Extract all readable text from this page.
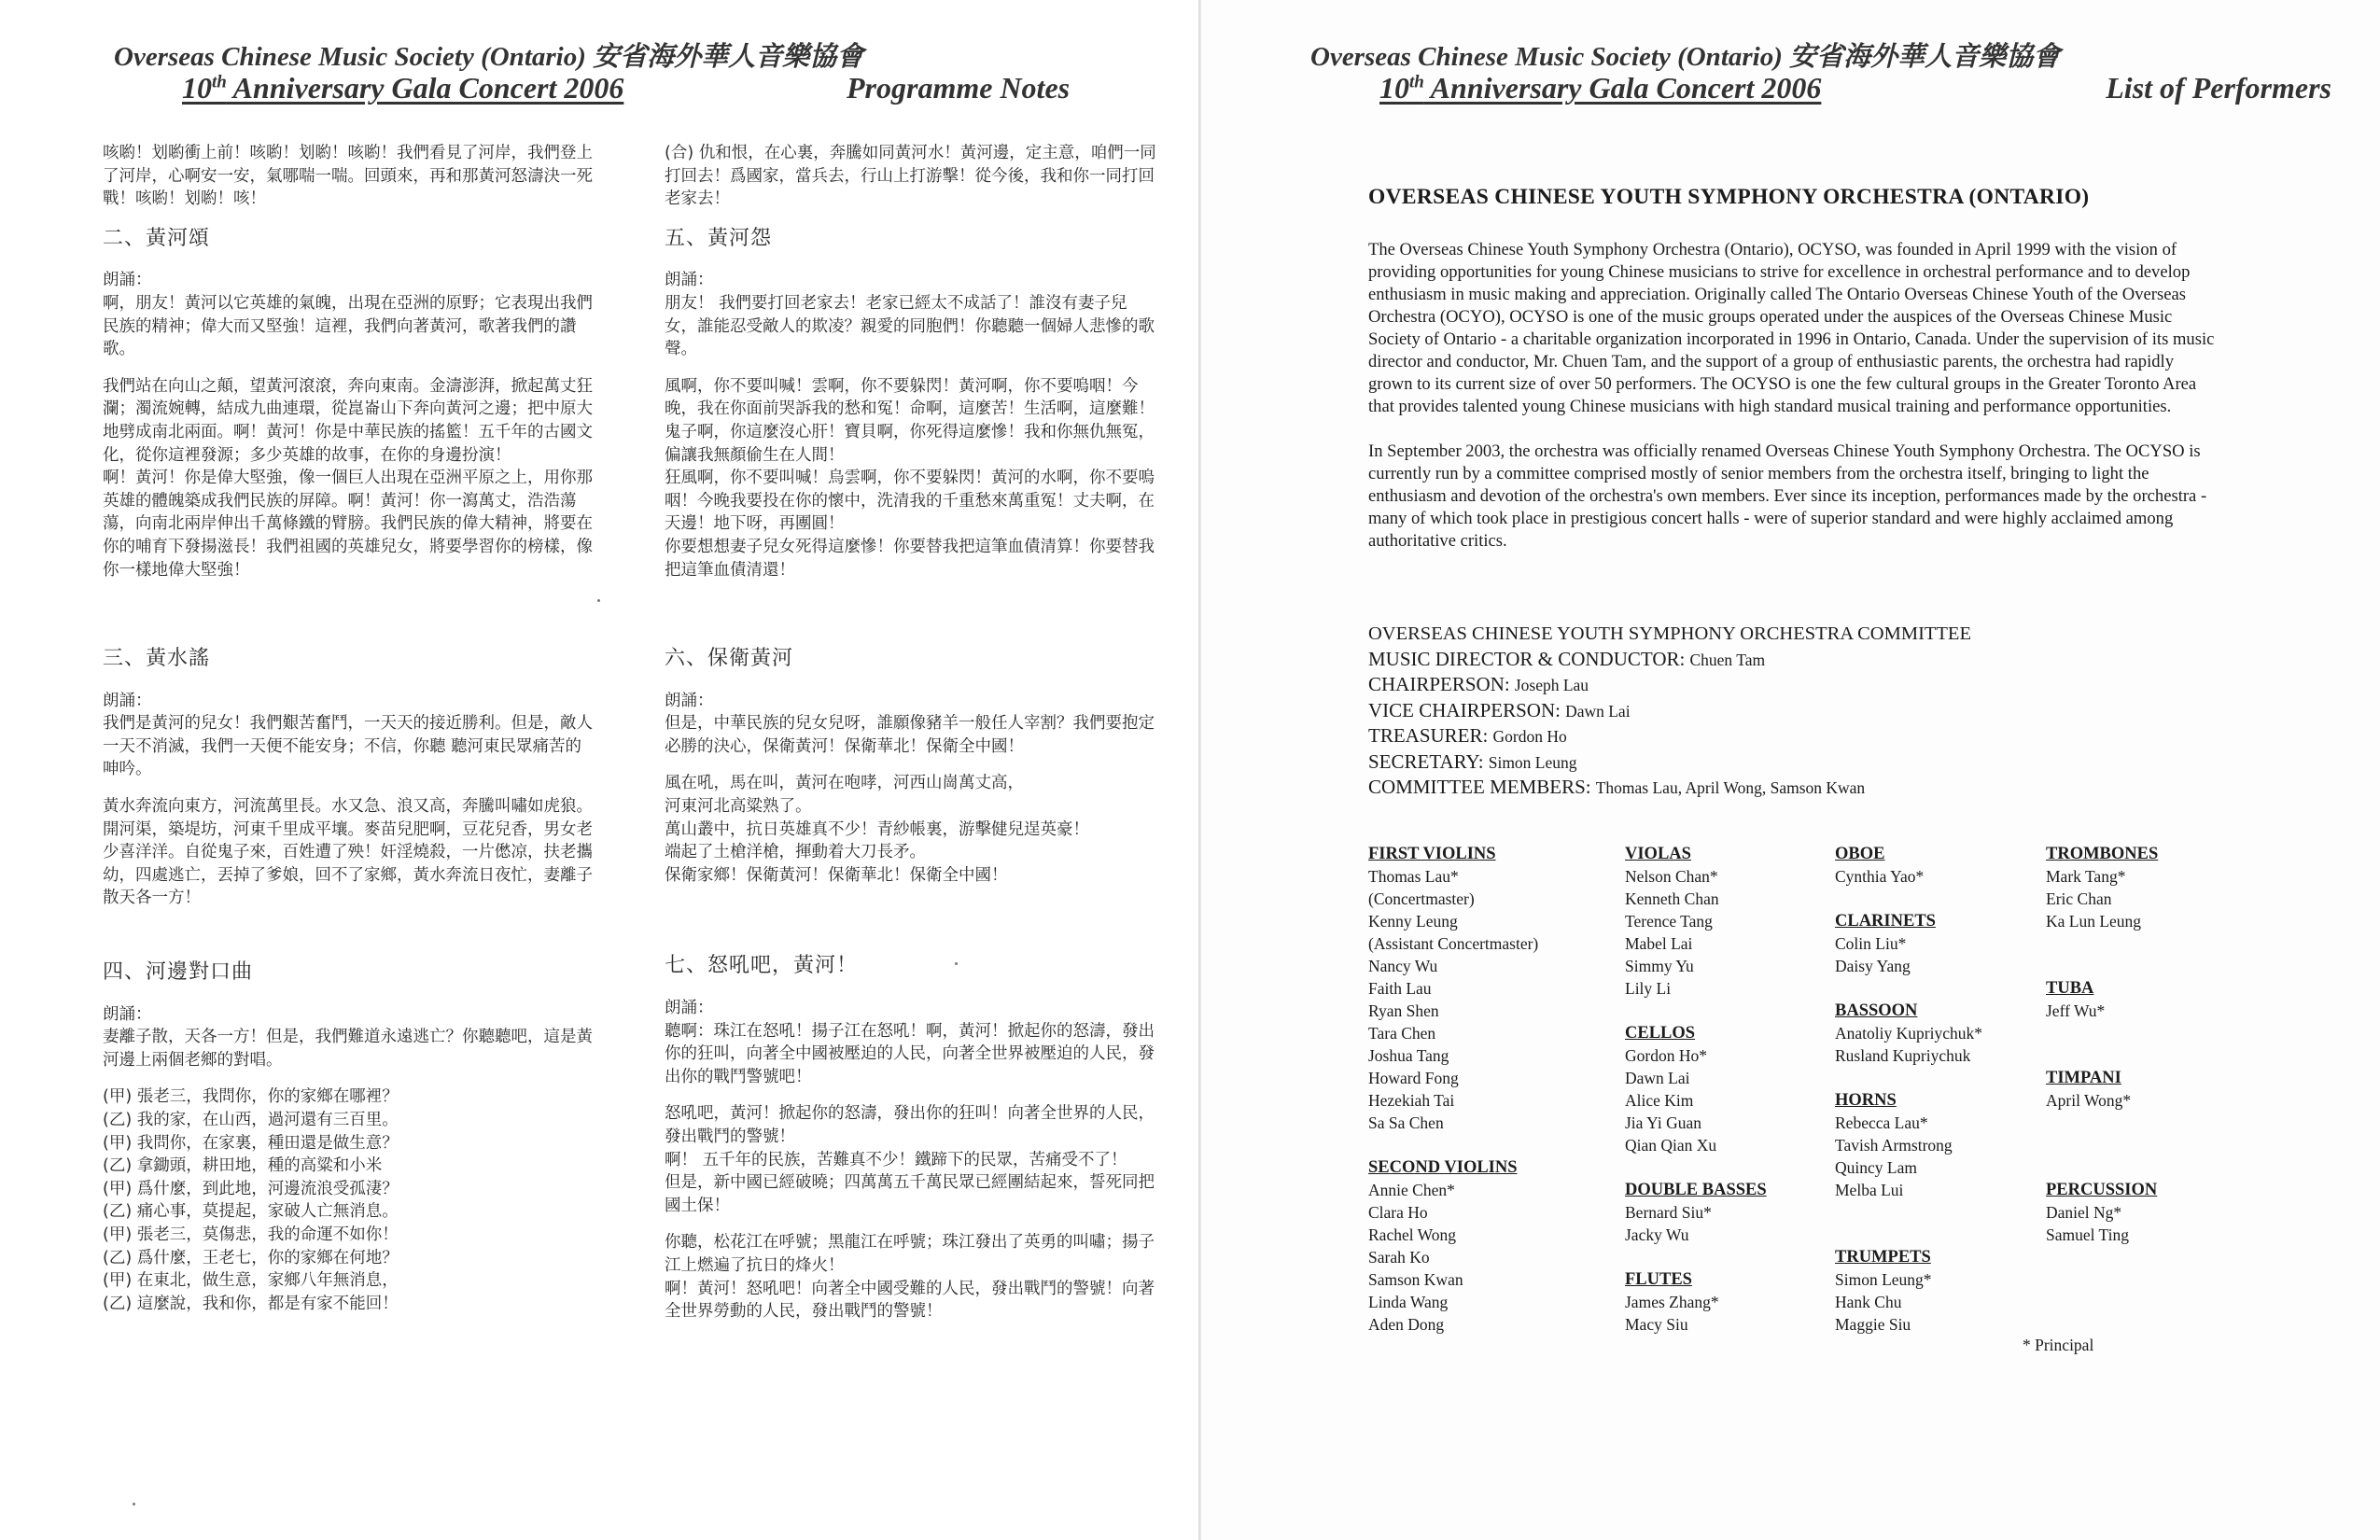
Overseas Chinese Music Society (Ontario) 安省海外華人音樂協會
10th Anniversary Gala Concert 2006	Programme Notes

咳喲！划喲衝上前！咳喲！划喲！咳喲！我們看見了河岸，我們登上了河岸，心啊安一安，氣哪喘一喘。回頭來，再和那黃河怒濤決一死戰！咳喲！划喲！咳！

二、黃河頌

朗誦：

啊，朋友！黃河以它英雄的氣魄，出現在亞洲的原野；它表現出我們民族的精神；偉大而又堅強！這裡，我們向著黃河，歌著我們的讚歌。

我們站在向山之顛，望黃河滾滾，奔向東南。金濤澎湃，掀起萬丈狂瀾；濁流婉轉，結成九曲連環，從崑崙山下奔向黃河之邊；把中原大地劈成南北兩面。啊！黃河！你是中華民族的搖籃！五千年的古國文化，從你這裡發源；多少英雄的故事，在你的身邊扮演！
啊！黃河！你是偉大堅強，像一個巨人出現在亞洲平原之上，用你那英雄的體魄築成我們民族的屏障。啊！黃河！你一瀉萬丈，浩浩蕩蕩，向南北兩岸伸出千萬條鐵的臂膀。我們民族的偉大精神，將要在你的哺育下發揚滋長！我們祖國的英雄兒女，將要學習你的榜樣，像你一樣地偉大堅強！

三、黃水謠

朗誦：

我們是黃河的兒女！我們艱苦奮鬥，一天天的接近勝利。但是，敵人一天不消滅，我們一天便不能安身；不信，你聽 聽河東民眾痛苦的呻吟。

黃水奔流向東方，河流萬里長。水又急、浪又高，奔騰叫嘯如虎狼。開河渠，築堤坊，河東千里成平壤。麥苗兒肥啊，豆花兒香，男女老少喜洋洋。自從鬼子來，百姓遭了殃！奸淫燒殺，一片僽凉，扶老攜幼，四處逃亡，丟掉了爹娘，回不了家鄉，黃水奔流日夜忙，妻離子散天各一方！

四、河邊對口曲

朗誦：

妻離子散，天各一方！但是，我們難道永遠逃亡？你聽聽吧，這是黃河邊上兩個老鄉的對唱。

(甲) 張老三，我問你，你的家鄉在哪裡？
(乙) 我的家，在山西，過河還有三百里。
(甲) 我問你，在家裏，種田還是做生意？
(乙) 拿鋤頭，耕田地，種的高粱和小米
(甲) 爲什麼，到此地，河邊流浪受孤淒？
(乙) 痛心事，莫提起，家破人亡無消息。
(甲) 張老三，莫傷悲，我的命運不如你！
(乙) 爲什麼，王老七，你的家鄉在何地？
(甲) 在東北，做生意，家鄉八年無消息，
(乙) 這麼說，我和你，都是有家不能回！

(合) 仇和恨，在心裏，奔騰如同黃河水！黃河邊，定主意，咱們一同打回去！爲國家，當兵去，行山上打游擊！從今後，我和你一同打回老家去！

五、黃河怨

朗誦：

朋友！ 我們要打回老家去！老家已經太不成話了！誰沒有妻子兒女，誰能忍受敵人的欺凌？親愛的同胞們！你聽聽一個婦人悲慘的歌聲。

風啊，你不要叫喊！雲啊，你不要躲閃！黃河啊，你不要嗚咽！今晚，我在你面前哭訴我的愁和冤！命啊，這麼苦！生活啊，這麼難！鬼子啊，你這麼沒心肝！寶貝啊，你死得這麼慘！我和你無仇無冤，偏讓我無顏偷生在人間！
狂風啊，你不要叫喊！烏雲啊，你不要躲閃！黃河的水啊，你不要嗚咽！今晚我要投在你的懷中，洗清我的千重愁來萬重冤！丈夫啊，在天邊！地下呀，再團圓！
你要想想妻子兒女死得這麼慘！你要替我把這筆血債清算！你要替我把這筆血債清還！

六、保衛黃河

朗誦：

但是，中華民族的兒女兒呀，誰願像豬羊一般任人宰割？我們要抱定必勝的決心，保衛黃河！保衛華北！保衛全中國！

風在吼，馬在叫，黃河在咆哮，河西山崗萬丈高，
河東河北高粱熟了。
萬山叢中，抗日英雄真不少！青紗帳裏，游擊健兒逞英豪！
端起了土槍洋槍，揮動着大刀長矛。
保衛家鄉！保衛黃河！保衛華北！保衛全中國！

七、怒吼吧，黃河！

朗誦：

聽啊：珠江在怒吼！揚子江在怒吼！啊，黃河！掀起你的怒濤，發出你的狂叫，向著全中國被壓迫的人民，向著全世界被壓迫的人民，發出你的戰鬥警號吧！

怒吼吧，黃河！掀起你的怒濤，發出你的狂叫！向著全世界的人民，發出戰鬥的警號！
啊！ 五千年的民族，苦難真不少！鐵蹄下的民眾，苦痛受不了！
但是，新中國已經破曉；四萬萬五千萬民眾已經團結起來，誓死同把國土保！

你聽，松花江在呼號；黑龍江在呼號；珠江發出了英勇的叫嘯；揚子江上燃遍了抗日的烽火！
啊！黃河！怒吼吧！向著全中國受難的人民，發出戰鬥的警號！向著全世界勞動的人民，發出戰鬥的警號！

Overseas Chinese Music Society (Ontario) 安省海外華人音樂協會
10th Anniversary Gala Concert 2006	List of Performers
OVERSEAS CHINESE YOUTH SYMPHONY ORCHESTRA (ONTARIO)

The Overseas Chinese Youth Symphony Orchestra (Ontario), OCYSO, was founded in April 1999 with the vision of providing opportunities for young Chinese musicians to strive for excellence in orchestral performance and to develop enthusiasm in music making and appreciation. Originally called The Ontario Overseas Chinese Youth of the Overseas
Orchestra (OCYO), OCYSO is one of the music groups operated under the auspices of the Overseas Chinese Music Society of Ontario - a charitable organization incorporated in 1996 in Ontario, Canada. Under the supervision of its music director and conductor, Mr. Chuen Tam, and the support of a group of enthusiastic parents, the orchestra had rapidly grown to its current size of over 50 performers. The OCYSO is one the few cultural groups in the Greater Toronto Area that provides talented young Chinese musicians with high standard musical training and performance opportunities.

In September 2003, the orchestra was officially renamed Overseas Chinese Youth Symphony Orchestra. The OCYSO is currently run by a committee comprised mostly of senior members from the orchestra itself, bringing to light the enthusiasm and devotion of the orchestra's own members. Ever since its inception, performances made by the orchestra - many of which took place in prestigious concert halls - were of superior standard and were highly acclaimed among authoritative critics.

OVERSEAS CHINESE YOUTH SYMPHONY ORCHESTRA COMMITTEE
MUSIC DIRECTOR & CONDUCTOR: Chuen Tam
CHAIRPERSON: Joseph Lau
VICE CHAIRPERSON: Dawn Lai
TREASURER: Gordon Ho
SECRETARY: Simon Leung
COMMITTEE MEMBERS: Thomas Lau, April Wong, Samson Kwan
FIRST VIOLINS
Thomas Lau*
(Concertmaster)
Kenny Leung
(Assistant Concertmaster)
Nancy Wu
Faith Lau
Ryan Shen
Tara Chen
Joshua Tang
Howard Fong
Hezekiah Tai
Sa Sa Chen
SECOND VIOLINS
Annie Chen*
Clara Ho
Rachel Wong
Sarah Ko
Samson Kwan
Linda Wang
Aden Dong
VIOLAS
Nelson Chan*
Kenneth Chan
Terence Tang
Mabel Lai
Simmy Yu
Lily Li
CELLOS
Gordon Ho*
Dawn Lai
Alice Kim
Jia Yi Guan
Qian Qian Xu
DOUBLE BASSES
Bernard Siu*
Jacky Wu
FLUTES
James Zhang*
Macy Siu
OBOE
Cynthia Yao*
CLARINETS
Colin Liu*
Daisy Yang
BASSOON
Anatoliy Kupriychuk*
Rusland Kupriychuk
HORNS
Rebecca Lau*
Tavish Armstrong
Quincy Lam
Melba Lui
TRUMPETS
Simon Leung*
Hank Chu
Maggie Siu
TROMBONES
Mark Tang*
Eric Chan
Ka Lun Leung
TUBA
Jeff Wu*
TIMPANI
April Wong*
PERCUSSION
Daniel Ng*
Samuel Ting
* Principal
